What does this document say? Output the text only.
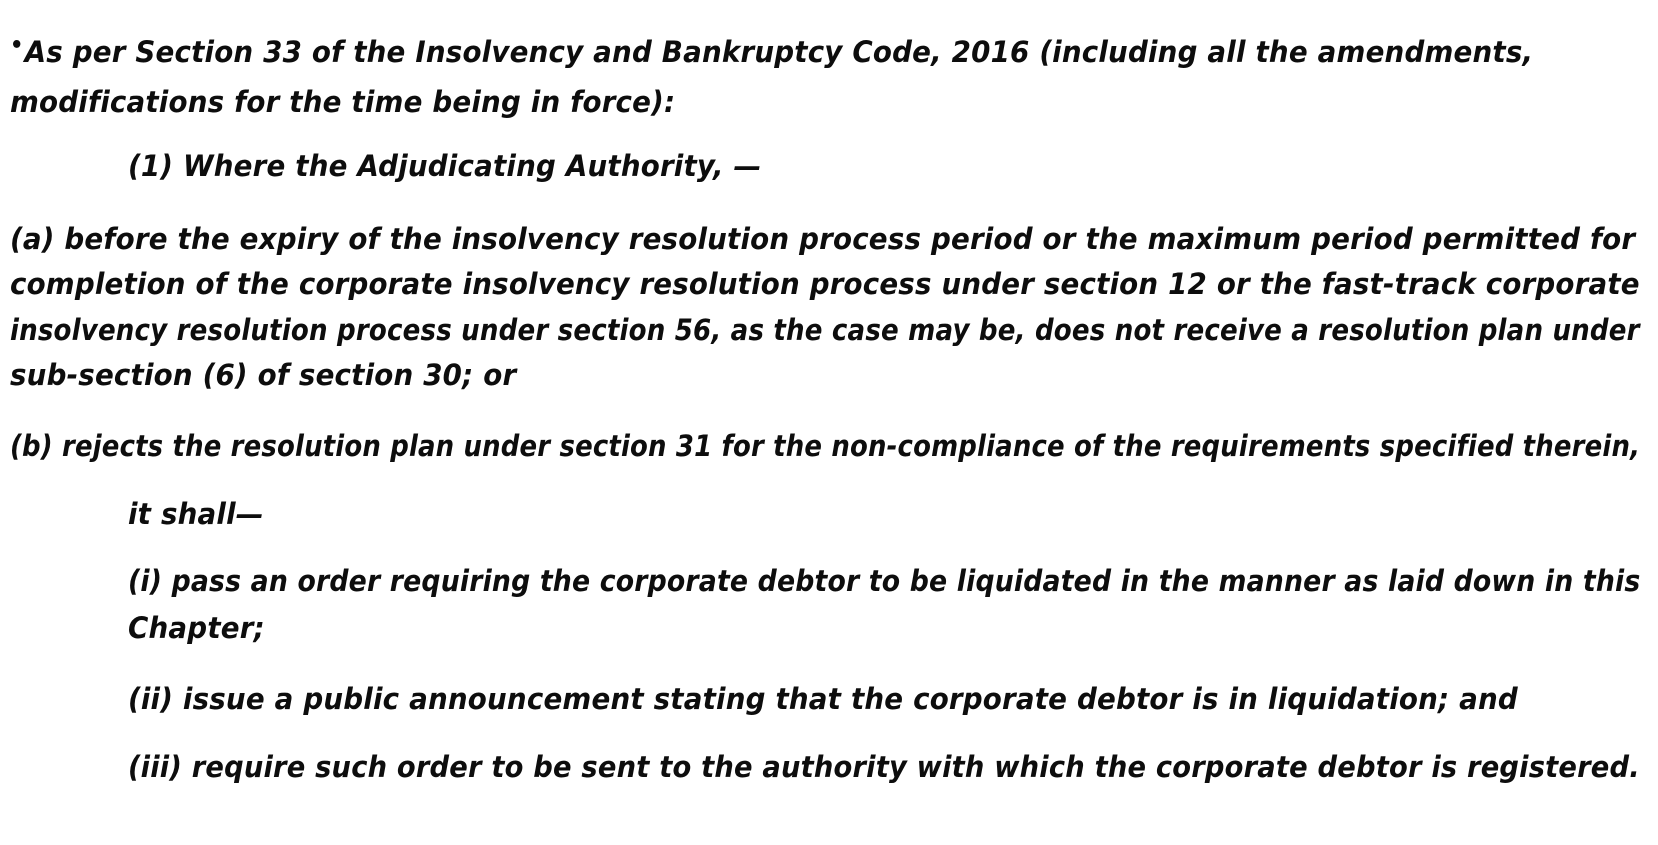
•As per Section 33 of the Insolvency and Bankruptcy Code, 2016 (including all the amendments,
modifications for the time being in force):
(1) Where the Adjudicating Authority, —
(a) before the expiry of the insolvency resolution process period or the maximum period permitted for
completion of the corporate insolvency resolution process under section 12 or the fast-track corporate
insolvency resolution process under section 56, as the case may be, does not receive a resolution plan under
sub-section (6) of section 30; or
(b) rejects the resolution plan under section 31 for the non-compliance of the requirements specified therein,
it shall—
(i) pass an order requiring the corporate debtor to be liquidated in the manner as laid down in this
Chapter;
(ii) issue a public announcement stating that the corporate debtor is in liquidation; and
(iii) require such order to be sent to the authority with which the corporate debtor is registered.
